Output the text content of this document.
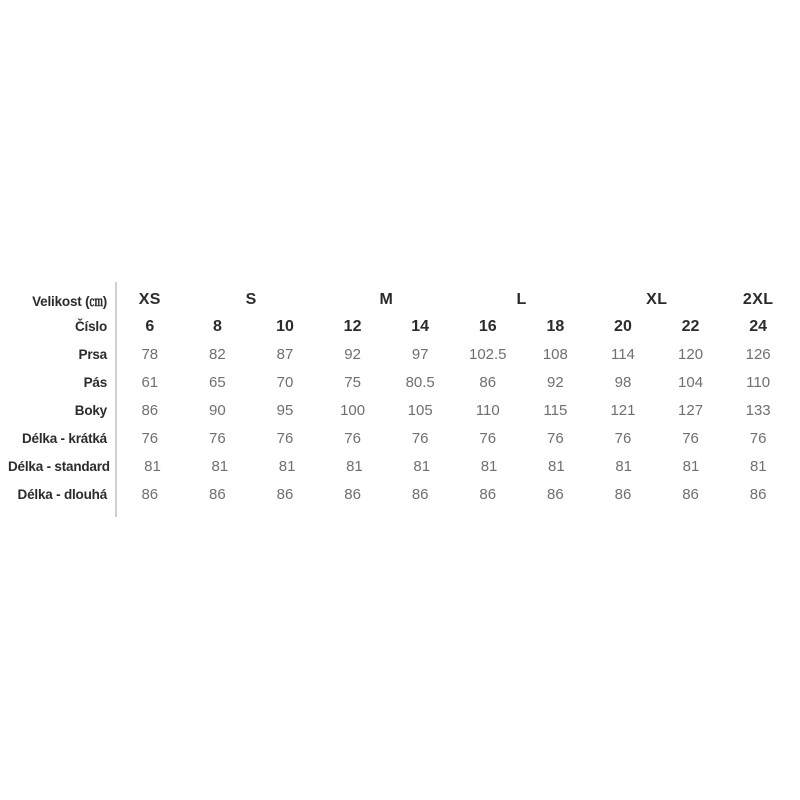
Velikost (㎝)	XS	S	M	L	XL	2XL
Číslo	6	8	10	12	14	16	18	20	22	24
Prsa	78	82	87	92	97	102.5	108	114	120	126
Pás	61	65	70	75	80.5	86	92	98	104	110
Boky	86	90	95	100	105	110	115	121	127	133
Délka - krátká	76	76	76	76	76	76	76	76	76	76
Délka - standard	81	81	81	81	81	81	81	81	81	81
Délka - dlouhá	86	86	86	86	86	86	86	86	86	86
